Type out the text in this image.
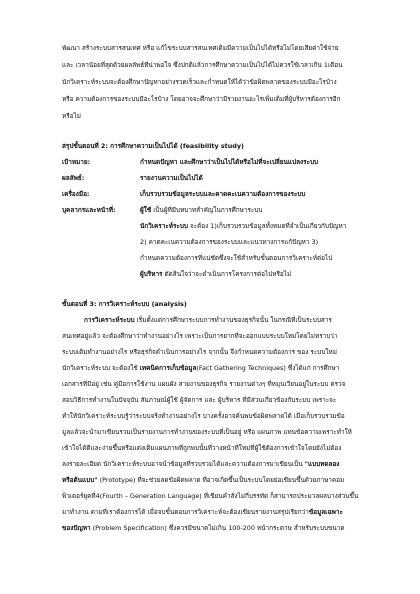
พัฒนา สร้างระบบสารสนเทศ หรือ แก้ไขระบบสารสนเทศเดิมมีความเป็นไปได้หรือไม่โดยเสียค่าใช้จ่าย
และ เวลาน้อยที่สุดด้วยผลลัพธ์ที่น่าพอใจ ซึ่งปกติแล้วการศึกษาความเป็นไปได้ไม่ควรใช้เวลาเกิน 1เดือน
นักวิเคราะห์ระบบจะต้องศึกษาปัญหาอย่างรวดเร็วและกำหนดให้ได้ว่าข้อผิดพลาดของระบบมีอะไรบ้าง
หรือ ความต้องการของระบบมีอะไรบ้าง โดยอาจจะศึกษาว่ามีรายงานอะไรเพิ่มเติมที่ผู้บริหารต้องการอีก
หรือไม่
สรุปขั้นตอนที่ 2: การศึกษาความเป็นไปได้ (feasibility study)
เป้าหมาย:	กำหนดปัญหา และศึกษาว่าเป็นไปได้หรือไม่ที่จะเปลี่ยนแปลงระบบ
ผลลัพธ์:	รายงานความเป็นไปได้
เครื่องมือ:	เก็บรวบรวมข้อมูลระบบและคาดคะเนความต้องการของระบบ
บุคลากรและหน้าที่:	ผู้ใช้ เป็นผู้ที่มีบทบาทสำคัญในการศึกษาระบบ
นักวิเคราะห์ระบบ จะต้อง 1)เก็บรวบรวมข้อมูลทั้งหมดที่จำเป็นเกี่ยวกับปัญหา
2) คาดคะเนความต้องการของระบบและแนวทางการแก้ปัญหา 3)
กำหนดความต้องการที่แน่ชัดซึ่งจะใช้สำหรับขั้นตอนการวิเคราะห์ต่อไป
ผู้บริหาร ตัดสินใจว่าจะดำเนินการโครงการต่อไปหรือไม่
ขั้นตอนที่ 3: การวิเคราะห์ระบบ (analysis)
การวิเคราะห์ระบบ เริ่มตั้งแต่การศึกษาระบบการทำงานของธุรกิจนั้น ในกรณีที่เป็นระบบสาร
สนเทศอยู่แล้ว จะต้องศึกษาว่าทำงานอย่างไร เพราะเป็นการยากที่จะออกแบบระบบใหม่โดยไม่ทราบว่า
ระบบเดิมทำงานอย่างไร หรือธุรกิจดำเนินการอย่างไร จากนั้น จึงกำหนดความต้องการ ของ ระบบใหม่
นักวิเคราะห์ระบบ จะต้องใช้ เทคนิคการเก็บข้อมูล(Fact Gathering Techniques) ซึ่งได้แก่ การศึกษา
เอกสารที่มีอยู่ เช่น คู่มือการใช้งาน แผนผัง สายงานของธุรกิจ รายงานต่างๆ ที่หมุนเวียนอยู่ในระบบ ตรวจ
สอบวิธีการทำงานในปัจจุบัน สัมภาษณ์ผู้ใช้ ผู้จัดการ และ ผู้บริหาร ที่มีส่วนเกี่ยวข้องกับระบบ เพราะจะ
ทำให้นักวิเคราะห์ระบบรู้ว่าระบบจริงทำงานอย่างไร บางครั้งอาจค้นพบข้อผิดพลาดได้ เมื่อเก็บรวบรวมข้อ
มูลแล้วจะนำมาเขียนรวมเป็นรายงานการทำงานของระบบที่เป็นอยู่ หรือ แผนภาพ แทนข้อความเพราะทำให้
เข้าใจได้ดีและง่ายขึ้นหรือแต่งเติมแผนภาพที่ถูกพบนั้นที่วางหน้าที่ใหม่ที่ผู้ใช้ต้องการเข้าใจโดยยังไม่ต้อง
ลงรายละเอียด นักวิเคราะห์ระบบอาจนำข้อมูลที่รวบรวมได้และความต้องการมาเขียนเป็น "แบบทดลอง
หรือต้นแบบ" (Prototype) ที่จะช่วยลดข้อผิดพลาด ที่อาจเกิดขึ้นเป็นระบบโดยย่อเขียนขึ้นด้วยภาษาคอม
พิวเตอร์ยุคที่4(Fourth – Generation Language) ที่เขียนคำสั่งไม่กี่บรรทัด ก็สามารถประมวลผลบางส่วนขึ้น
มาทำงาน ตามที่เราต้องการได้ เมื่อจบขั้นตอนการวิเคราะห์จะต้องเขียนรายงานสรุปเรียกว่าข้อมูลเฉพาะ
ของปัญหา (Problem Specification) ซึ่งควรมีขนาดไม่เกิน 100-200 หน้ากระดาษ สำหรับระบบขนาด
